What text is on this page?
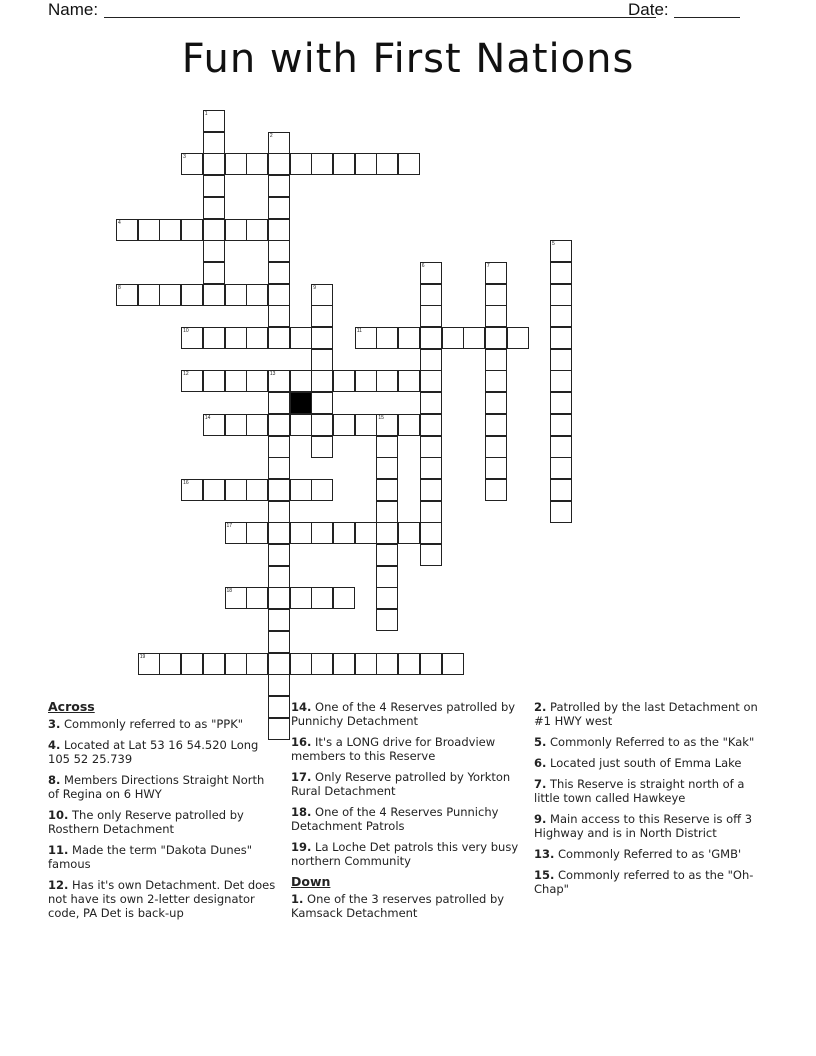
Name:	Date:
Fun with First Nations
1
2
5
6	7
9
13
15
3
4
8
10	11
12
14
16
17
18
19
Across
3. Commonly referred to as "PPK"
4. Located at Lat 53 16 54.520 Long 105 52 25.739
8. Members Directions Straight North of Regina on 6 HWY
10. The only Reserve patrolled by Rosthern Detachment
11. Made the term "Dakota Dunes" famous
12. Has it's own Detachment. Det does not have its own 2-letter designator code, PA Det is back-up
14. One of the 4 Reserves patrolled by Punnichy Detachment
16. It's a LONG drive for Broadview members to this Reserve
17. Only Reserve patrolled by Yorkton Rural Detachment
18. One of the 4 Reserves Punnichy Detachment Patrols
19. La Loche Det patrols this very busy northern Community
Down
1. One of the 3 reserves patrolled by Kamsack Detachment
2. Patrolled by the last Detachment on #1 HWY west
5. Commonly Referred to as the "Kak"
6. Located just south of Emma Lake
7. This Reserve is straight north of a little town called Hawkeye
9. Main access to this Reserve is off 3 Highway and is in North District
13. Commonly Referred to as 'GMB'
15. Commonly referred to as the "Oh-Chap"
